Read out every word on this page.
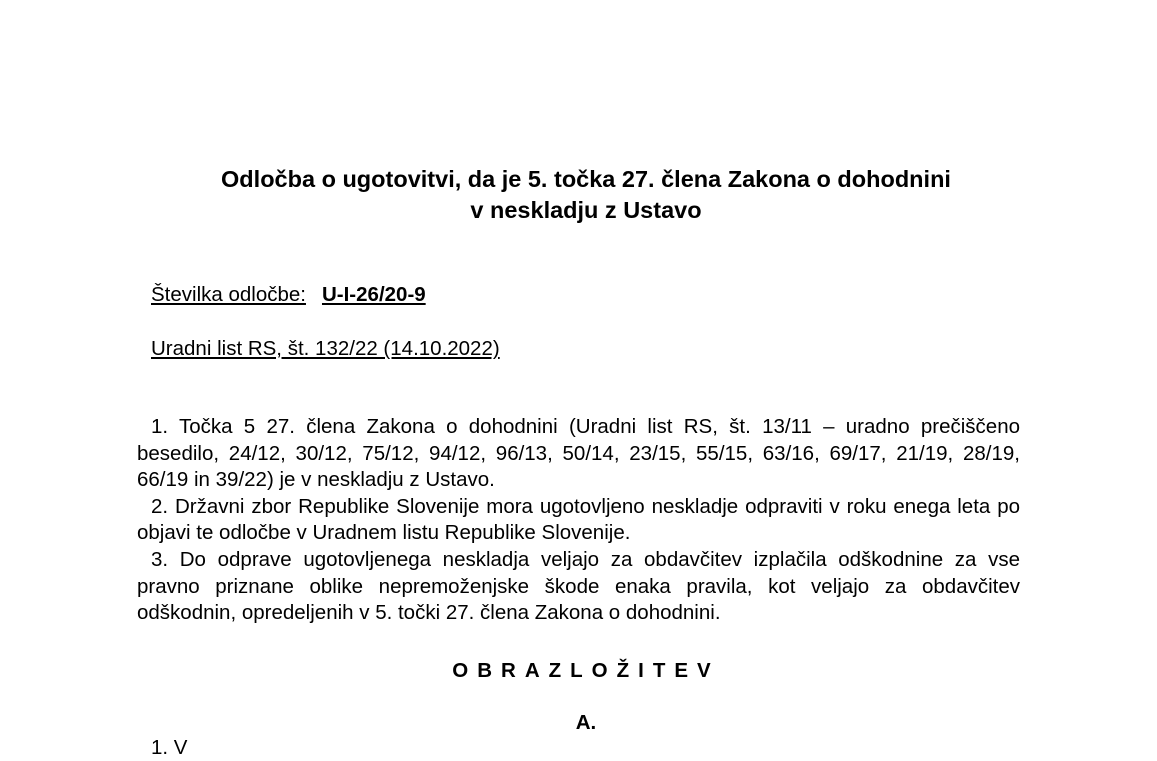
Odločba o ugotovitvi, da je 5. točka 27. člena Zakona o dohodnini
v neskladju z Ustavo
Številka odločbe: U-I-26/20-9
Uradni list RS, št. 132/22 (14.10.2022)

1. Točka 5 27. člena Zakona o dohodnini (Uradni list RS, št. 13/11 – uradno prečiščeno besedilo, 24/12, 30/12, 75/12, 94/12, 96/13, 50/14, 23/15, 55/15, 63/16, 69/17, 21/19, 28/19, 66/19 in 39/22) je v neskladju z Ustavo.

2. Državni zbor Republike Slovenije mora ugotovljeno neskladje odpraviti v roku enega leta po objavi te odločbe v Uradnem listu Republike Slovenije.

3. Do odprave ugotovljenega neskladja veljajo za obdavčitev izplačila odškodnine za vse pravno priznane oblike nepremoženjske škode enaka pravila, kot veljajo za obdavčitev odškodnin, opredeljenih v 5. točki 27. člena Zakona o dohodnini.

OBRAZLOŽITEV
A.
1. V
